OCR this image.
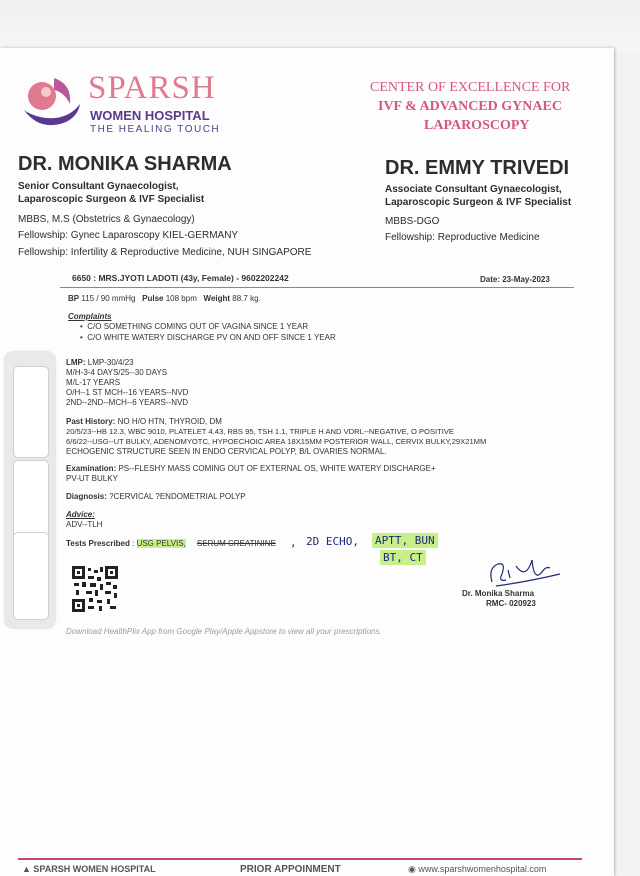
SPARSH
WOMEN HOSPITAL
THE HEALING TOUCH
CENTER OF EXCELLENCE FOR
IVF & ADVANCED GYNAEC
LAPAROSCOPY
DR. MONIKA SHARMA
Senior Consultant Gynaecologist,
Laparoscopic Surgeon & IVF Specialist
MBBS, M.S (Obstetrics & Gynaecology)
Fellowship: Gynec Laparoscopy KIEL-GERMANY
Fellowship: Infertility & Reproductive Medicine, NUH SINGAPORE
DR. EMMY TRIVEDI
Associate Consultant Gynaecologist,
Laparoscopic Surgeon & IVF Specialist
MBBS-DGO
Fellowship: Reproductive Medicine
6650 : MRS.JYOTI LADOTI (43y, Female) - 9602202242	Date: 23-May-2023
BP 115 / 90 mmHg Pulse 108 bpm Weight 88.7 kg.
Complaints
•  C/O SOMETHING COMING OUT OF VAGINA SINCE 1 YEAR
•  C/O WHITE WATERY DISCHARGE PV ON AND OFF SINCE 1 YEAR
LMP: LMP-30/4/23
M/H-3-4 DAYS/25--30 DAYS
M/L-17 YEARS
O/H--1 ST MCH--16 YEARS--NVD
2ND--2ND--MCH--6 YEARS--NVD
Past History: NO H/O HTN, THYROID, DM
20/5/23--HB 12.3, WBC 9010, PLATELET 4.43, RBS 95, TSH 1.1, TRIPLE H AND VDRL--NEGATIVE, O POSITIVE
6/6/22--USG--UT BULKY, ADENOMYOTC, HYPOECHOIC AREA 18X15MM POSTERIOR WALL, CERVIX BULKY,29X21MM
ECHOGENIC STRUCTURE SEEN IN ENDO CERVICAL POLYP, B/L OVARIES NORMAL.
Examination: PS--FLESHY MASS COMING OUT OF EXTERNAL OS, WHITE WATERY DISCHARGE+
PV-UT BULKY
Diagnosis: ?CERVICAL ?ENDOMETRIAL POLYP
Advice:
ADV--TLH
Tests Prescribed : USG PELVIS, SERUM CREATININE , 2D ECHO, APTT, BUN
BT, CT
Dr. Monika Sharma
RMC- 020923
Download HealthPlix App from Google Play/Apple Appstore to view all your prescriptions.
▲ SPARSH WOMEN HOSPITAL	PRIOR APPOINMENT	◉ www.sparshwomenhospital.com
